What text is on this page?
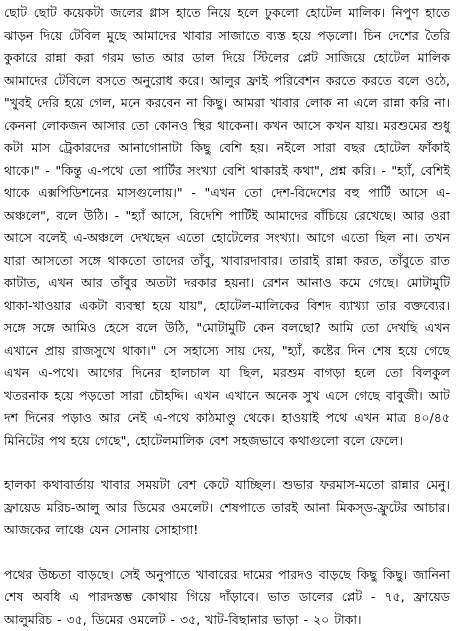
ছোট ছোট কয়েকটা জলের গ্লাস হাতে নিয়ে হলে ঢুকলো হোটেল মালিক। নিপুণ হাতে ঝাড়ন দিয়ে টেবিল মুছে আমাদের খাবার সাজাতে ব্যস্ত হয়ে পড়লো। চিন দেশের তৈরি কুকারে রান্না করা গরম ভাত আর ডাল দিয়ে স্টিলের প্লেট সাজিয়ে হোটেল মালিক আমাদের টেবিলে বসতে অনুরোধ করে। আলুর ফ্রাই পরিবেশন করতে করতে বলে ওঠে, "খুবই দেরি হয়ে গেল, মনে করবেন না কিছু। আমরা খাবার লোক না এলে রান্না করি না। কেননা লোকজন আসার তো কোনও স্থির থাকেনা। কখন আসে কখন যায়। মরশুমের শুধু কটা মাস ট্রেকারদের আনাগোনাটা কিছু বেশি হয়। নইলে সারা বছর হোটেল ফাঁকাই থাকে।" - "কিন্তু এ-পথে তো পার্টির সংখ্যা বেশি থাকারই কথা", প্রশ্ন করি। - "হ্যাঁ, বেশিই থাকে এক্সপিডিশনের মাসগুলোয়।" - "এখন তো দেশ-বিদেশের বহু পার্টি আসে এ-অঞ্চলে", বলে উঠি। - "হ্যাঁ আসে, বিদেশি পার্টিই আমাদের বাঁচিয়ে রেখেছে। আর ওরা আসে বলেই এ-অঞ্চলে দেখছেন এতো হোটেলের সংখ্যা। আগে এতো ছিল না। তখন যারা আসতো সঙ্গে থাকতো তাদের তাঁবু, খাবারদাবার। তারাই রান্না করত, তাঁবুতে রাত কাটাত, এখন আর তাঁবুর অতটা দরকার হয়না। রেশন আনাও কমে গেছে। মোটামুটি থাকা-খাওয়ার একটা ব্যবস্থা হয়ে যায়", হোটেল-মালিকের বিশদ ব্যাখ্যা তার বক্তব্যের। সঙ্গে সঙ্গে আমিও হেসে বলে উঠি, "মোটামুটি কেন বলছো? আমি তো দেখছি এখন এখানে প্রায় রাজসুখে থাকা।" সে সহাস্যে সায় দেয়, "হ্যাঁ, কষ্টের দিন শেষ হয়ে গেছে এখন এ-পথে। আগের দিনের হালচাল যা ছিল, মরশুম বাগড়া হলে তো বিলকুল খতরনাক হয়ে পড়তো সারা চৌহদ্দি। এখন এখানে অনেক সুখ এসে গেছে বাবুজী। আট দশ দিনের পড়াও আর নেই এ-পথে কাঠমাণ্ডু থেকে। হাওয়াই পথে এখন মাত্র ৪০/৪৫ মিনিটের পথ হয়ে গেছে", হোটেলমালিক বেশ সহজভাবে কথাগুলো বলে ফেলে।

হালকা কথাবার্তায় খাবার সময়টা বেশ কেটে যাচ্ছিল। শুভার ফরমাস-মতো রান্নার মেনু। ফ্রায়েড মরিচ-আলু আর ডিমের ওমলেট। শেষপাতে তারই আনা মিকস্ড-ফ্রুটের আচার। আজকের লাঞ্চে যেন সোনায় সোহাগা!

পথের উচ্চতা বাড়ছে। সেই অনুপাতে খাবারের দামের পারদও বাড়ছে কিছু কিছু। জানিনা শেষ অবধি এ পারদস্তম্ভ কোথায় গিয়ে দাঁড়াবে। ভাত ডালের প্লেট - ৭৫, ফ্রায়েড আলুমরিচ - ৩৫, ডিমের ওমলেট - ৩৫, খাট-বিছানার ভাড়া - ২০ টাকা।
